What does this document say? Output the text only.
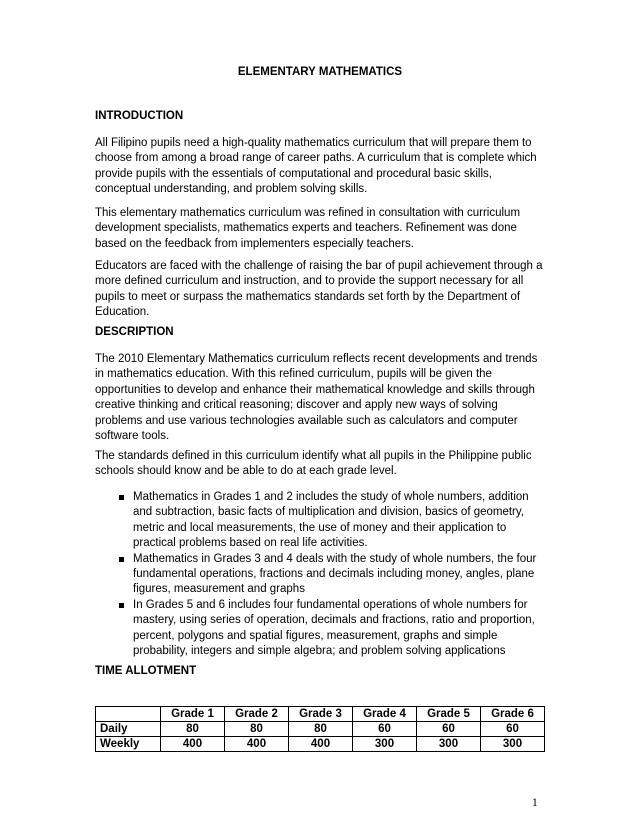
ELEMENTARY MATHEMATICS
INTRODUCTION

All Filipino pupils need a high-quality mathematics curriculum that will prepare them to choose from among a broad range of career paths. A curriculum that is complete which provide pupils with the essentials of computational and procedural basic skills, conceptual understanding, and problem solving skills.

This elementary mathematics curriculum was refined in consultation with curriculum development specialists, mathematics experts and teachers. Refinement was done based on the feedback from implementers especially teachers.

Educators are faced with the challenge of raising the bar of pupil achievement through a more defined curriculum and instruction, and to provide the support necessary for all pupils to meet or surpass the mathematics standards set forth by the Department of Education.

DESCRIPTION

The 2010 Elementary Mathematics curriculum reflects recent developments and trends in mathematics education. With this refined curriculum, pupils will be given the opportunities to develop and enhance their mathematical knowledge and skills through creative thinking and critical reasoning; discover and apply new ways of solving problems and use various technologies available such as calculators and computer software tools.

The standards defined in this curriculum identify what all pupils in the Philippine public schools should know and be able to do at each grade level.

Mathematics in Grades 1 and 2 includes the study of whole numbers, addition and subtraction, basic facts of multiplication and division, basics of geometry, metric and local measurements, the use of money and their application to practical problems based on real life activities.
Mathematics in Grades 3 and 4 deals with the study of whole numbers, the four fundamental operations, fractions and decimals including money, angles, plane figures, measurement and graphs
In Grades 5 and 6 includes four fundamental operations of whole numbers for mastery, using series of operation, decimals and fractions, ratio and proportion, percent, polygons and spatial figures, measurement, graphs and simple probability, integers and simple algebra; and problem solving applications
TIME ALLOTMENT
	Grade 1	Grade 2	Grade 3	Grade 4	Grade 5	Grade 6
Daily	80	80	80	60	60	60
Weekly	400	400	400	300	300	300
1
